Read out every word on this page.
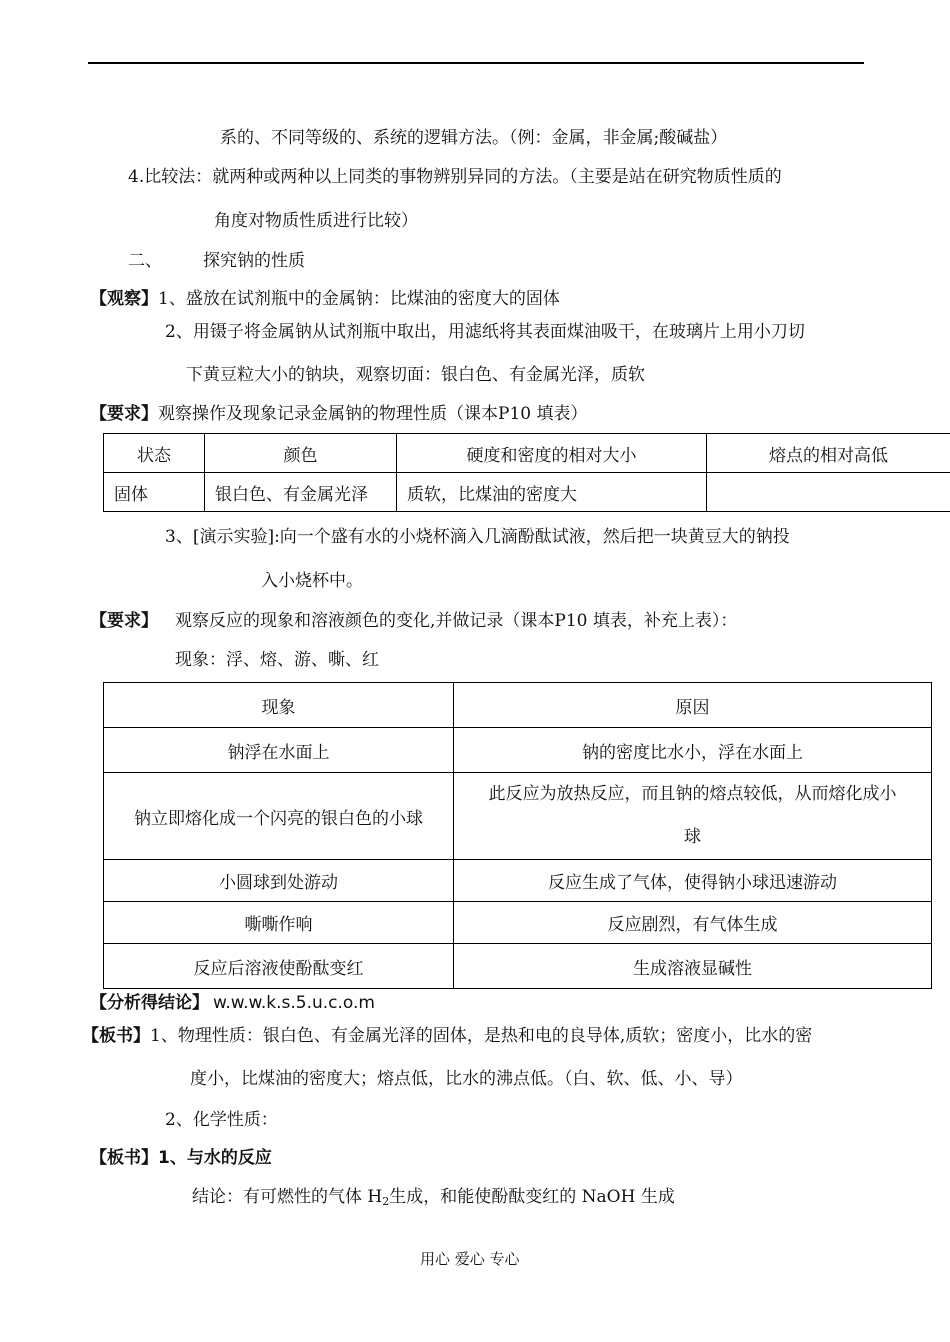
系的、不同等级的、系统的逻辑方法。（例：金属，非金属;酸碱盐）
4.比较法：就两种或两种以上同类的事物辨别异同的方法。（主要是站在研究物质性质的
角度对物质性质进行比较）
二、 探究钠的性质
【观察】 1、盛放在试剂瓶中的金属钠：比煤油的密度大的固体
2、用镊子将金属钠从试剂瓶中取出，用滤纸将其表面煤油吸干，在玻璃片上用小刀切
下黄豆粒大小的钠块，观察切面：银白色、有金属光泽，质软
【要求】 观察操作及现象记录金属钠的物理性质（课本P10 填表）
状态	颜色	硬度和密度的相对大小	熔点的相对高低
固体	银白色、有金属光泽	质软，比煤油的密度大	
3、[演示实验]:向一个盛有水的小烧杯滴入几滴酚酞试液，然后把一块黄豆大的钠投
入小烧杯中。
【要求】 观察反应的现象和溶液颜色的变化,并做记录（课本P10 填表，补充上表）：
现象：浮、熔、游、嘶、红
现象	原因
钠浮在水面上	钠的密度比水小，浮在水面上
钠立即熔化成一个闪亮的银白色的小球	此反应为放热反应，而且钠的熔点较低，从而熔化成小
球

小圆球到处游动	反应生成了气体，使得钠小球迅速游动
嘶嘶作响	反应剧烈，有气体生成
反应后溶液使酚酞变红	生成溶液显碱性
【分析得结论】 w.w.w.k.s.5.u.c.o.m
【板书】 1、物理性质：银白色、有金属光泽的固体，是热和电的良导体,质软；密度小，比水的密
度小，比煤油的密度大；熔点低，比水的沸点低。（白、软、低、小、导）
2、化学性质：
【板书】 1、与水的反应
结论：有可燃性的气体 $H_2$生成，和能使酚酞变红的 NaOH 生成
用心 爱心 专心
